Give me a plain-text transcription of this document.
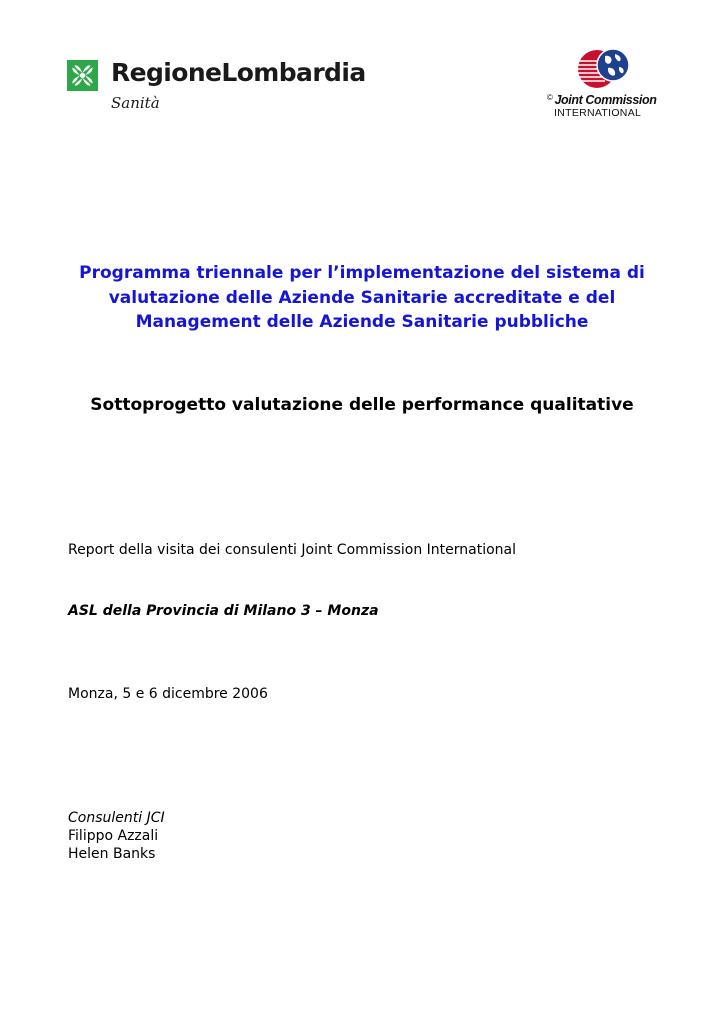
RegioneLombardia
Sanità	© Joint Commission
INTERNATIONAL
Programma triennale per l’implementazione del sistema di
valutazione delle Aziende Sanitarie accreditate e del
Management delle Aziende Sanitarie pubbliche
Sottoprogetto valutazione delle performance qualitative
Report della visita dei consulenti Joint Commission International
ASL della Provincia di Milano 3 – Monza
Monza, 5 e 6 dicembre 2006
Consulenti JCI
Filippo Azzali
Helen Banks
